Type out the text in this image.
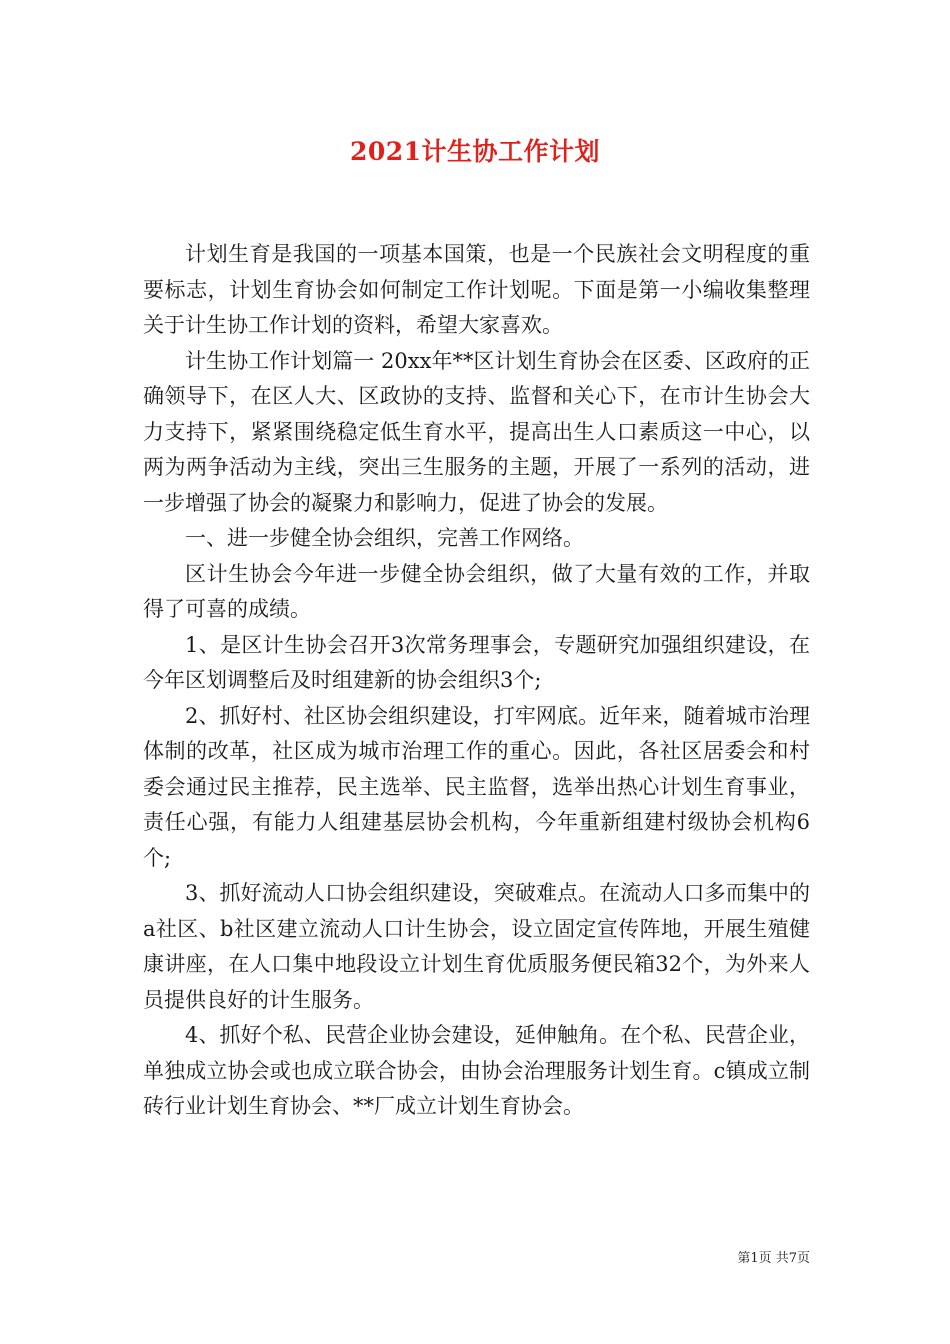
2021计生协工作计划

计划生育是我国的一项基本国策，也是一个民族社会文明程度的重要标志，计划生育协会如何制定工作计划呢。下面是第一小编收集整理关于计生协工作计划的资料，希望大家喜欢。

计生协工作计划篇一 20xx年**区计划生育协会在区委、区政府的正确领导下，在区人大、区政协的支持、监督和关心下，在市计生协会大力支持下，紧紧围绕稳定低生育水平，提高出生人口素质这一中心，以两为两争活动为主线，突出三生服务的主题，开展了一系列的活动，进一步增强了协会的凝聚力和影响力，促进了协会的发展。

一、进一步健全协会组织，完善工作网络。

区计生协会今年进一步健全协会组织，做了大量有效的工作，并取得了可喜的成绩。

1、是区计生协会召开3次常务理事会，专题研究加强组织建设，在今年区划调整后及时组建新的协会组织3个;

2、抓好村、社区协会组织建设，打牢网底。近年来，随着城市治理体制的改革，社区成为城市治理工作的重心。因此，各社区居委会和村委会通过民主推荐，民主选举、民主监督，选举出热心计划生育事业，责任心强，有能力人组建基层协会机构，今年重新组建村级协会机构6个;

3、抓好流动人口协会组织建设，突破难点。在流动人口多而集中的a社区、b社区建立流动人口计生协会，设立固定宣传阵地，开展生殖健康讲座，在人口集中地段设立计划生育优质服务便民箱32个，为外来人员提供良好的计生服务。

4、抓好个私、民营企业协会建设，延伸触角。在个私、民营企业，单独成立协会或也成立联合协会，由协会治理服务计划生育。c镇成立制砖行业计划生育协会、**厂成立计划生育协会。

第1页 共7页
